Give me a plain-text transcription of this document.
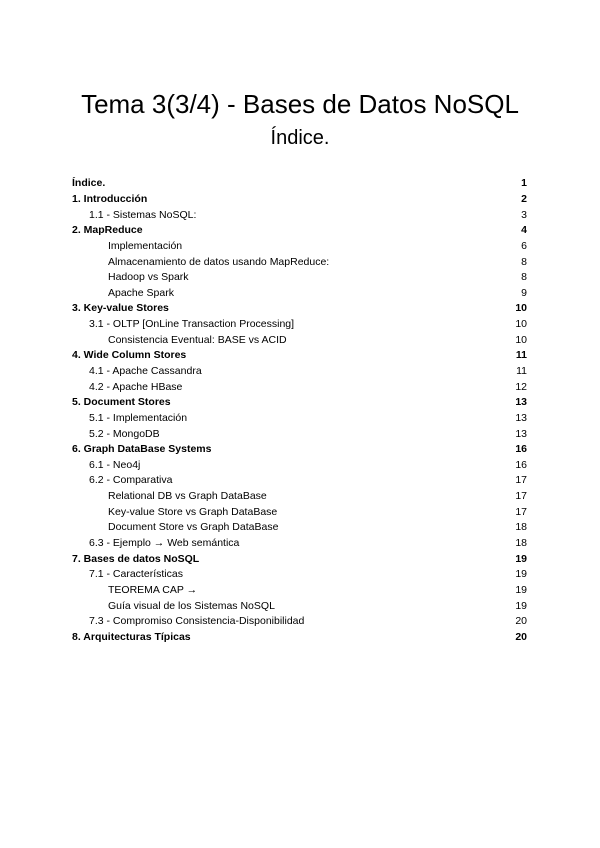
Tema 3(3/4) - Bases de Datos NoSQL
Índice.
Índice.	1
1. Introducción	2
1.1 - Sistemas NoSQL:	3
2. MapReduce	4
Implementación	6
Almacenamiento de datos usando MapReduce:	8
Hadoop vs Spark	8
Apache Spark	9
3. Key-value Stores	10
3.1 - OLTP [OnLine Transaction Processing]	10
Consistencia Eventual: BASE vs ACID	10
4. Wide Column Stores	11
4.1 - Apache Cassandra	11
4.2 - Apache HBase	12
5. Document Stores	13
5.1 - Implementación	13
5.2 - MongoDB	13
6. Graph DataBase Systems	16
6.1 - Neo4j	16
6.2 - Comparativa	17
Relational DB vs Graph DataBase	17
Key-value Store vs Graph DataBase	17
Document Store vs Graph DataBase	18
6.3 - Ejemplo → Web semántica	18
7. Bases de datos NoSQL	19
7.1 - Características	19
TEOREMA CAP →	19
Guía visual de los Sistemas NoSQL	19
7.3 - Compromiso Consistencia-Disponibilidad	20
8. Arquitecturas Típicas	20
